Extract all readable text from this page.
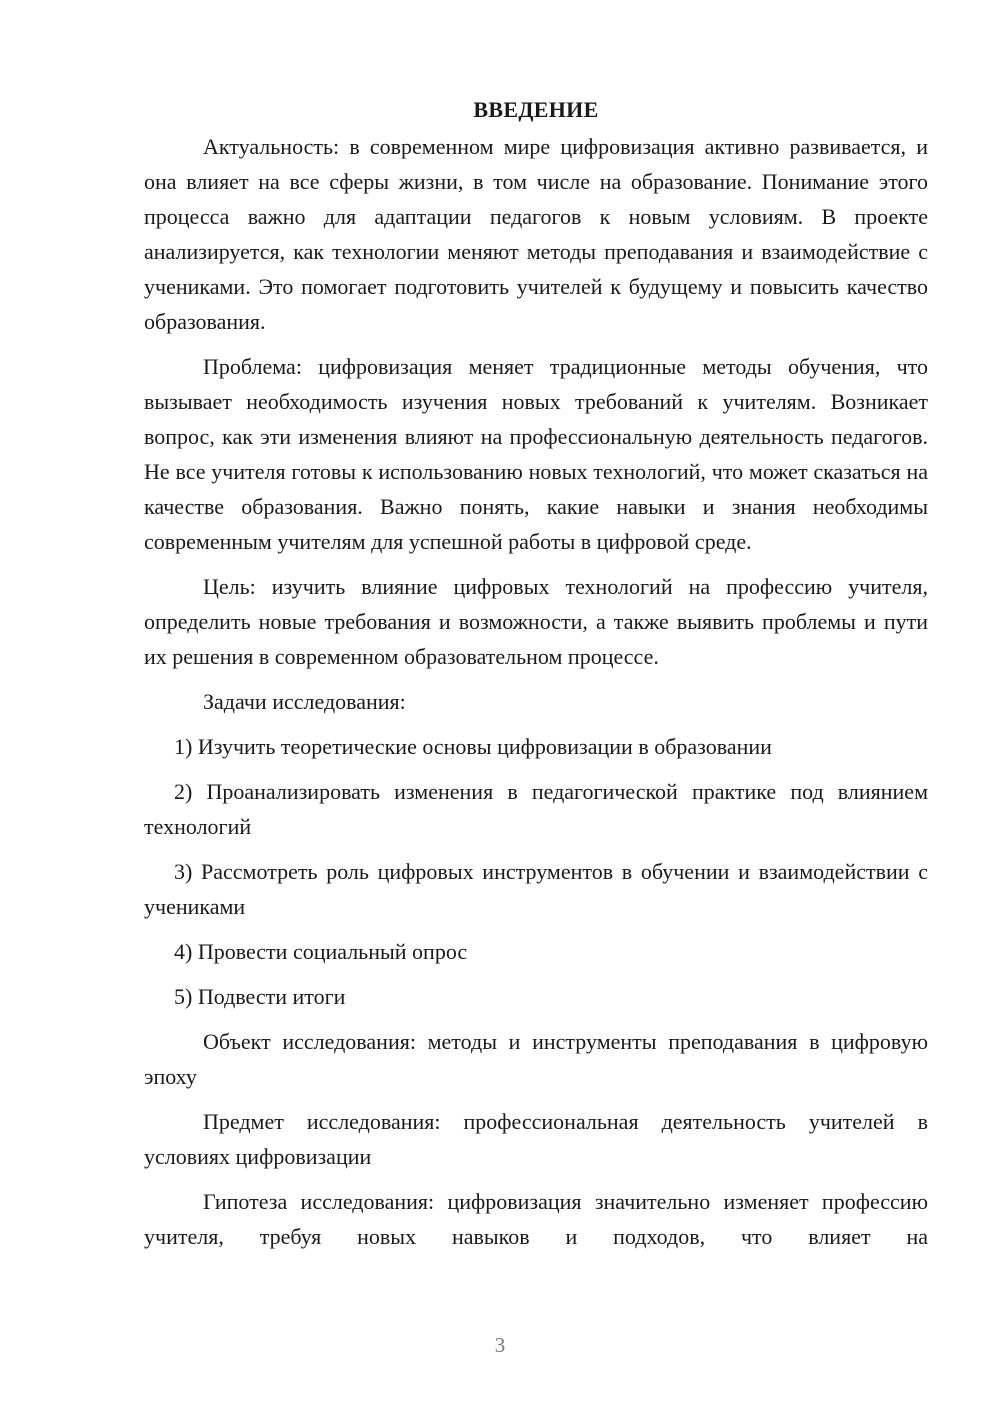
ВВЕДЕНИЕ

Актуальность: в современном мире цифровизация активно развивается, и она влияет на все сферы жизни, в том числе на образование. Понимание этого процесса важно для адаптации педагогов к новым условиям. В проекте анализируется, как технологии меняют методы преподавания и взаимодействие с учениками. Это помогает подготовить учителей к будущему и повысить качество образования.

Проблема: цифровизация меняет традиционные методы обучения, что вызывает необходимость изучения новых требований к учителям. Возникает вопрос, как эти изменения влияют на профессиональную деятельность педагогов. Не все учителя готовы к использованию новых технологий, что может сказаться на качестве образования. Важно понять, какие навыки и знания необходимы современным учителям для успешной работы в цифровой среде.

Цель: изучить влияние цифровых технологий на профессию учителя, определить новые требования и возможности, а также выявить проблемы и пути их решения в современном образовательном процессе.

Задачи исследования:

1) Изучить теоретические основы цифровизации в образовании

2) Проанализировать изменения в педагогической практике под влиянием технологий

3) Рассмотреть роль цифровых инструментов в обучении и взаимодействии с учениками

4) Провести социальный опрос

5) Подвести итоги

Объект исследования: методы и инструменты преподавания в цифровую эпоху

Предмет исследования: профессиональная деятельность учителей в условиях цифровизации

Гипотеза исследования: цифровизация значительно изменяет профессию учителя, требуя новых навыков и подходов, что влияет на

3
